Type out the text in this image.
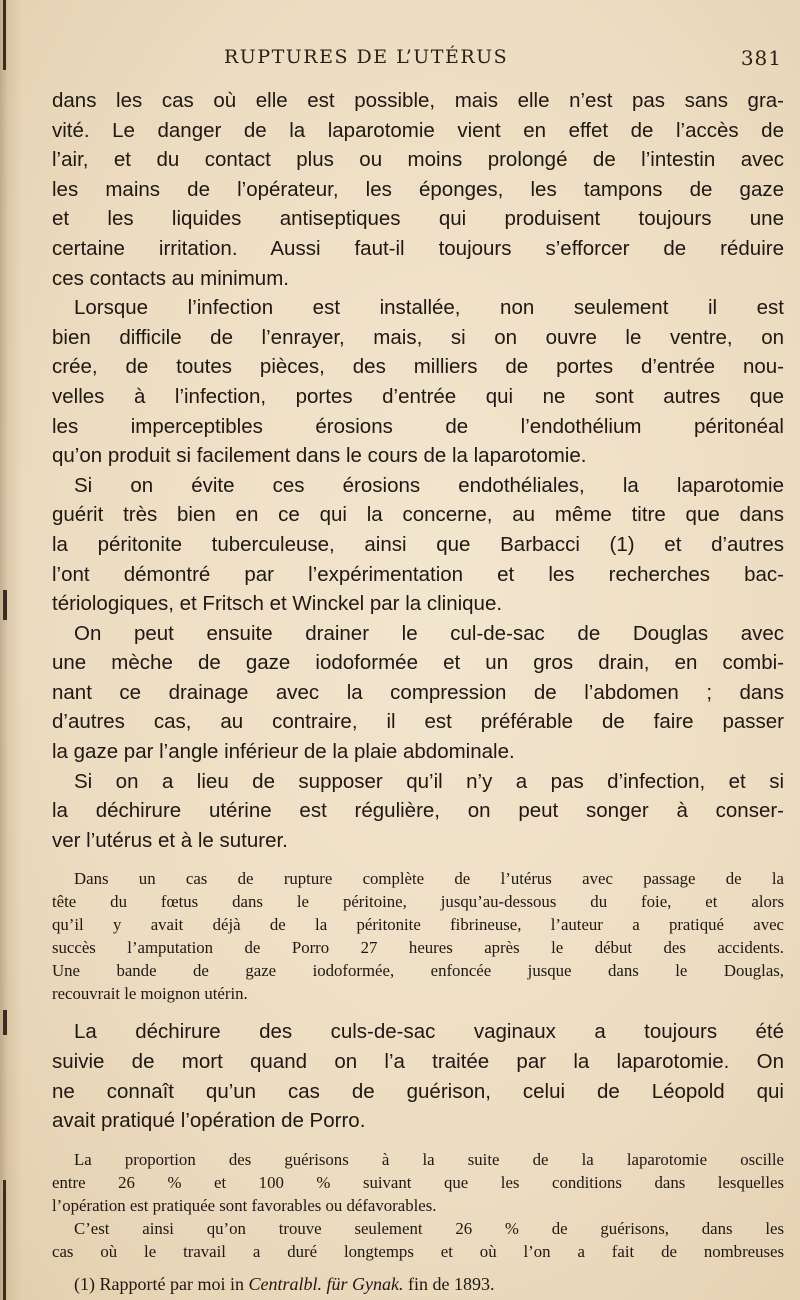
RUPTURES DE L’UTÉRUS	381
dans les cas où elle est possible, mais elle n’est pas sans gra-
vité. Le danger de la laparotomie vient en effet de l’accès de
l’air, et du contact plus ou moins prolongé de l’intestin avec
les mains de l’opérateur, les éponges, les tampons de gaze
et les liquides antiseptiques qui produisent toujours une
certaine irritation. Aussi faut-il toujours s’efforcer de réduire
ces contacts au minimum.
Lorsque l’infection est installée, non seulement il est
bien difficile de l’enrayer, mais, si on ouvre le ventre, on
crée, de toutes pièces, des milliers de portes d’entrée nou-
velles à l’infection, portes d’entrée qui ne sont autres que
les imperceptibles érosions de l’endothélium péritonéal
qu’on produit si facilement dans le cours de la laparotomie.
Si on évite ces érosions endothéliales, la laparotomie
guérit très bien en ce qui la concerne, au même titre que dans
la péritonite tuberculeuse, ainsi que Barbacci (1) et d’autres
l’ont démontré par l’expérimentation et les recherches bac-
tériologiques, et Fritsch et Winckel par la clinique.
On peut ensuite drainer le cul-de-sac de Douglas avec
une mèche de gaze iodoformée et un gros drain, en combi-
nant ce drainage avec la compression de l’abdomen ; dans
d’autres cas, au contraire, il est préférable de faire passer
la gaze par l’angle inférieur de la plaie abdominale.
Si on a lieu de supposer qu’il n’y a pas d’infection, et si
la déchirure utérine est régulière, on peut songer à conser-
ver l’utérus et à le suturer.
Dans un cas de rupture complète de l’utérus avec passage de la
tête du fœtus dans le péritoine, jusqu’au-dessous du foie, et alors
qu’il y avait déjà de la péritonite fibrineuse, l’auteur a pratiqué avec
succès l’amputation de Porro 27 heures après le début des accidents.
Une bande de gaze iodoformée, enfoncée jusque dans le Douglas,
recouvrait le moignon utérin.
La déchirure des culs-de-sac vaginaux a toujours été
suivie de mort quand on l’a traitée par la laparotomie. On
ne connaît qu’un cas de guérison, celui de Léopold qui
avait pratiqué l’opération de Porro.
La proportion des guérisons à la suite de la laparotomie oscille
entre 26 % et 100 % suivant que les conditions dans lesquelles
l’opération est pratiquée sont favorables ou défavorables.
C’est ainsi qu’on trouve seulement 26 % de guérisons, dans les
cas où le travail a duré longtemps et où l’on a fait de nombreuses
(1) Rapporté par moi in Centralbl. für Gynak. fin de 1893.
